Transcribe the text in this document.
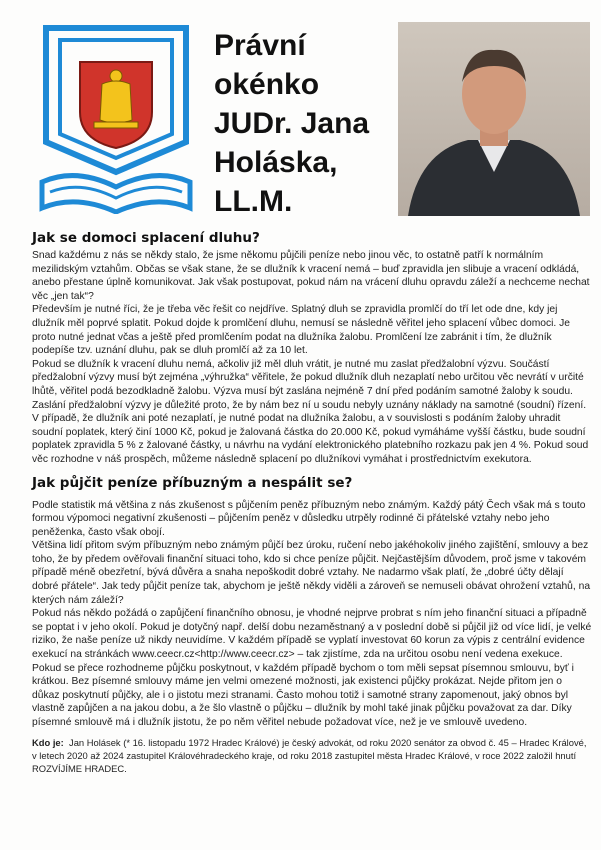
Právní
okénko
JUDr. Jana
Holáska,
LL.M.
Jak se domoci splacení dluhu?

Snad každému z nás se někdy stalo, že jsme někomu půjčili peníze nebo jinou věc, to ostatně patří k normálním mezilidským vztahům. Občas se však stane, že se dlužník k vracení nemá – buď zpravidla jen slibuje a vracení odkládá, anebo přestane úplně komunikovat. Jak však postupovat, pokud nám na vrácení dluhu opravdu záleží a nechceme nechat věc „jen tak“?

Především je nutné říci, že je třeba věc řešit co nejdříve. Splatný dluh se zpravidla promlčí do tří let ode dne, kdy jej dlužník měl poprvé splatit. Pokud dojde k promlčení dluhu, nemusí se následně věřitel jeho splacení vůbec domoci. Je proto nutné jednat včas a ještě před promlčením podat na dlužníka žalobu. Promlčení lze zabránit i tím, že dlužník podepíše tzv. uznání dluhu, pak se dluh promlčí až za 10 let.

Pokud se dlužník k vracení dluhu nemá, ačkoliv již měl dluh vrátit, je nutné mu zaslat předžalobní výzvu. Součástí předžalobní výzvy musí být zejména „výhružka“ věřitele, že pokud dlužník dluh nezaplatí nebo určitou věc nevrátí v určité lhůtě, věřitel podá bezodkladně žalobu. Výzva musí být zaslána nejméně 7 dní před podáním samotné žaloby k soudu. Zaslání předžalobní výzvy je důležité proto, že by nám bez ní u soudu nebyly uznány náklady na samotné (soudní) řízení.

V případě, že dlužník ani poté nezaplatí, je nutné podat na dlužníka žalobu, a v souvislosti s podáním žaloby uhradit soudní poplatek, který činí 1000 Kč, pokud je žalovaná částka do 20.000 Kč, pokud vymáháme vyšší částku, bude soudní poplatek zpravidla 5 % z žalované částky, u návrhu na vydání elektronického platebního rozkazu pak jen 4 %. Pokud soud věc rozhodne v náš prospěch, můžeme následně splacení po dlužníkovi vymáhat i prostřednictvím exekutora.

Jak půjčit peníze příbuzným a nespálit se?

Podle statistik má většina z nás zkušenost s půjčením peněz příbuzným nebo známým. Každý pátý Čech však má s touto formou výpomoci negativní zkušenosti – půjčením peněz v důsledku utrpěly rodinné či přátelské vztahy nebo jeho peněženka, často však obojí.

Většina lidí přitom svým příbuzným nebo známým půjčí bez úroku, ručení nebo jakéhokoliv jiného zajištění, smlouvy a bez toho, že by předem ověřovali finanční situaci toho, kdo si chce peníze půjčit. Nejčastějším důvodem, proč jsme v takovém případě méně obezřetní, bývá důvěra a snaha nepoškodit dobré vztahy. Ne nadarmo však platí, že „dobré účty dělají dobré přátele“. Jak tedy půjčit peníze tak, abychom je ještě někdy viděli a zároveň se nemuseli obávat ohrožení vztahů, na kterých nám záleží?

Pokud nás někdo požádá o zapůjčení finančního obnosu, je vhodné nejprve probrat s ním jeho finanční situaci a případně se poptat i v jeho okolí. Pokud je dotyčný např. delší dobu nezaměstnaný a v poslední době si půjčil již od více lidí, je velké riziko, že naše peníze už nikdy neuvidíme. V každém případě se vyplatí investovat 60 korun za výpis z centrální evidence exekucí na stránkách www.ceecr.cz<http://www.ceecr.cz> – tak zjistíme, zda na určitou osobu není vedena exekuce.

Pokud se přece rozhodneme půjčku poskytnout, v každém případě bychom o tom měli sepsat písemnou smlouvu, byť i krátkou. Bez písemné smlouvy máme jen velmi omezené možnosti, jak existenci půjčky prokázat. Nejde přitom jen o důkaz poskytnutí půjčky, ale i o jistotu mezi stranami. Často mohou totiž i samotné strany zapomenout, jaký obnos byl vlastně zapůjčen a na jakou dobu, a že šlo vlastně o půjčku – dlužník by mohl také jinak půjčku považovat za dar. Díky písemné smlouvě má i dlužník jistotu, že po něm věřitel nebude požadovat více, než je ve smlouvě uvedeno.

Kdo je: Jan Holásek (* 16. listopadu 1972 Hradec Králové) je český advokát, od roku 2020 senátor za obvod č. 45 – Hradec Králové, v letech 2020 až 2024 zastupitel Královéhradeckého kraje, od roku 2018 zastupitel města Hradec Králové, v roce 2022 založil hnutí ROZVÍJÍME HRADEC.
